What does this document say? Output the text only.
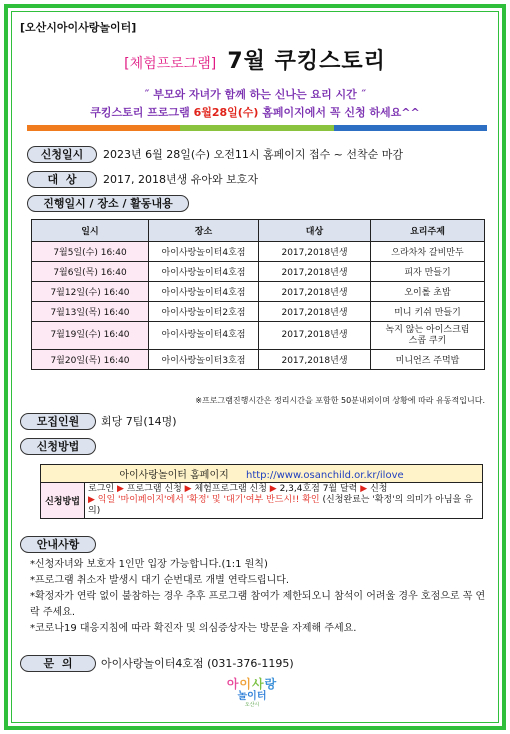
[오산시아이사랑놀이터]
[체험프로그램] 7월 쿠킹스토리
˝ 부모와 자녀가 함께 하는 신나는 요리 시간 ˝
쿠킹스토리 프로그램 6월28일(수) 홈페이지에서 꼭 신청 하세요^^
신청일시	2023년 6월 28일(수) 오전11시 홈페이지 접수 ~ 선착순 마감
대  상	2017, 2018년생 유아와 보호자
진행일시 / 장소 / 활동내용
일시	장소	대상	요리주제
7월5일(수) 16:40	아이사랑놀이터4호점	2017,2018년생	으라차차 갈비만두
7월6일(목) 16:40	아이사랑놀이터4호점	2017,2018년생	피자 만들기
7월12일(수) 16:40	아이사랑놀이터4호점	2017,2018년생	오이롤 초밥
7월13일(목) 16:40	아이사랑놀이터2호점	2017,2018년생	미니 키쉬 만들기
7월19일(수) 16:40	아이사랑놀이터4호점	2017,2018년생	녹지 않는 아이스크림
스콥 쿠키
7월20일(목) 16:40	아이사랑놀이터3호점	2017,2018년생	미니언즈 주먹밥
※프로그램진행시간은 정리시간을 포함한 50분내외이며 상황에 따라 유동적입니다.
모집인원	회당 7팀(14명)
신청방법
아이사랑놀이터 홈페이지 http://www.osanchild.or.kr/ilove
신청방법	로그인 ▶ 프로그램 신청 ▶ 체험프로그램 신청 ▶ 2,3,4호점 7월 달력 ▶ 신청
▶ 익일 '마이페이지'에서 '확정' 및 '대기'여부 반드시!! 확인 (신청완료는 '확정'의 의미가 아님을 유의)
안내사항
*신청자녀와 보호자 1인만 입장 가능합니다.(1:1 원칙)
*프로그램 취소자 발생시 대기 순번대로 개별 연락드립니다.
*확정자가 연락 없이 불참하는 경우 추후 프로그램 참여가 제한되오니 참석이 어려울 경우 호점으로 꼭 연락 주세요.
*코로나19 대응지침에 따라 확진자 및 의심증상자는 방문을 자제해 주세요.
문  의	아이사랑놀이터4호점 (031-376-1195)
아이사랑
놀이터
오산시
